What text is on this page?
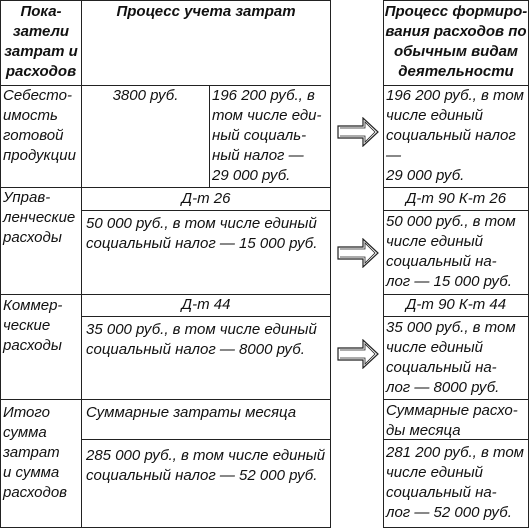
Пока-
затели
затрат и
расходов
Процесс учета затрат
Себесто-
имость
готовой
продукции
3800 руб.	196 200 руб., в
том числе еди-
ный социаль-
ный налог —
29 000 руб.
Управ-
ленческие
расходы
Д-т 26
50 000 руб., в том числе единый
социальный налог — 15 000 руб.
Коммер-
ческие
расходы
Д-т 44
35 000 руб., в том числе единый
социальный налог — 8000 руб.
Итого
сумма
затрат
и сумма
расходов
Суммарные затраты месяца
285 000 руб., в том числе единый
социальный налог — 52 000 руб.
Процесс формиро-
вания расходов по
обычным видам
деятельности
196 200 руб., в том
числе единый
социальный налог —
29 000 руб.
Д-т 90 К-т 26
50 000 руб., в том
числе единый
социальный на-
лог — 15 000 руб.
Д-т 90 К-т 44
35 000 руб., в том
числе единый
социальный на-
лог — 8000 руб.
Суммарные расхо-
ды месяца
281 200 руб., в том
числе единый
социальный на-
лог — 52 000 руб.
